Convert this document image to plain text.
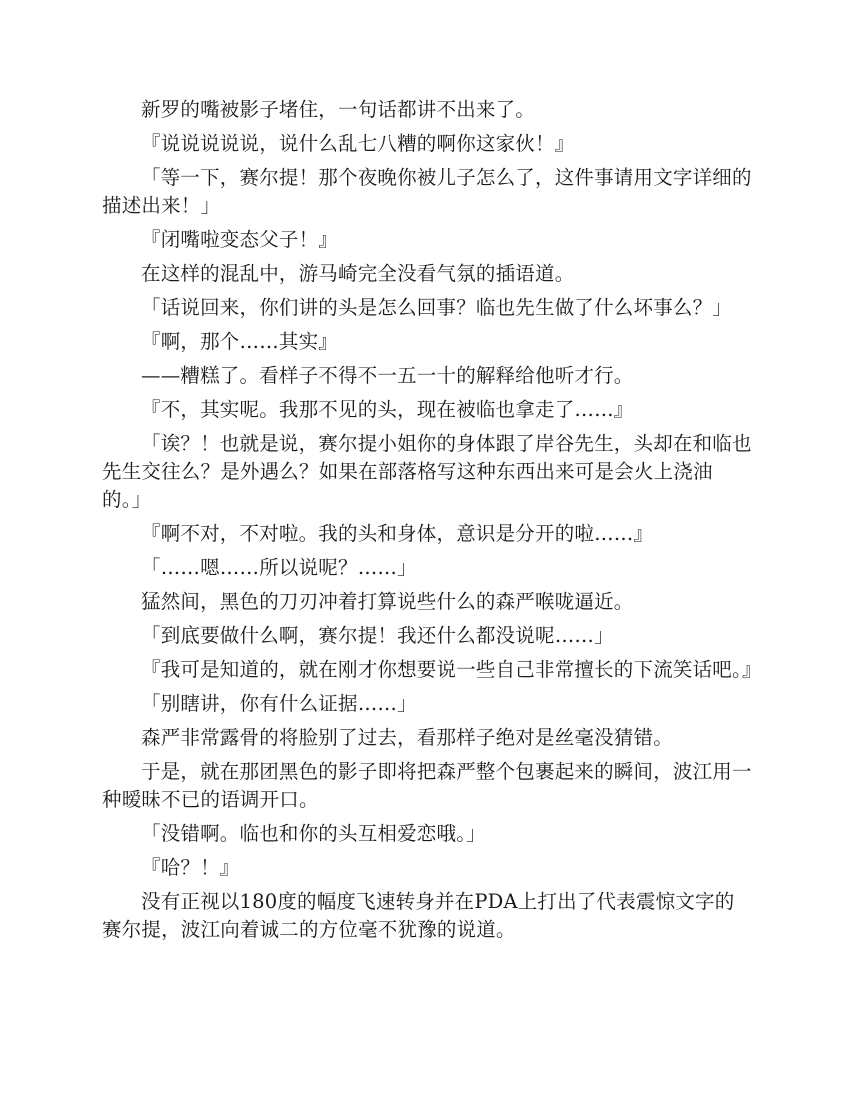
新罗的嘴被影子堵住，一句话都讲不出来了。

『说说说说说，说什么乱七八糟的啊你这家伙！』

「等一下，赛尔提！那个夜晚你被儿子怎么了，这件事请用文字详细的描述出来！」

『闭嘴啦变态父子！』

在这样的混乱中，游马崎完全没看气氛的插语道。

「话说回来，你们讲的头是怎么回事？临也先生做了什么坏事么？」

『啊，那个……其实』

——糟糕了。看样子不得不一五一十的解释给他听才行。

『不，其实呢。我那不见的头，现在被临也拿走了……』

「诶？！也就是说，赛尔提小姐你的身体跟了岸谷先生，头却在和临也先生交往么？是外遇么？如果在部落格写这种东西出来可是会火上浇油的。」

『啊不对，不对啦。我的头和身体，意识是分开的啦……』

「……嗯……所以说呢？……」

猛然间，黑色的刀刃冲着打算说些什么的森严喉咙逼近。

「到底要做什么啊，赛尔提！我还什么都没说呢……」

『我可是知道的，就在刚才你想要说一些自己非常擅长的下流笑话吧。』

「别瞎讲，你有什么证据……」

森严非常露骨的将脸别了过去，看那样子绝对是丝毫没猜错。

于是，就在那团黑色的影子即将把森严整个包裹起来的瞬间，波江用一种暧昧不已的语调开口。

「没错啊。临也和你的头互相爱恋哦。」

『哈？！』

没有正视以180度的幅度飞速转身并在PDA上打出了代表震惊文字的赛尔提，波江向着诚二的方位毫不犹豫的说道。
